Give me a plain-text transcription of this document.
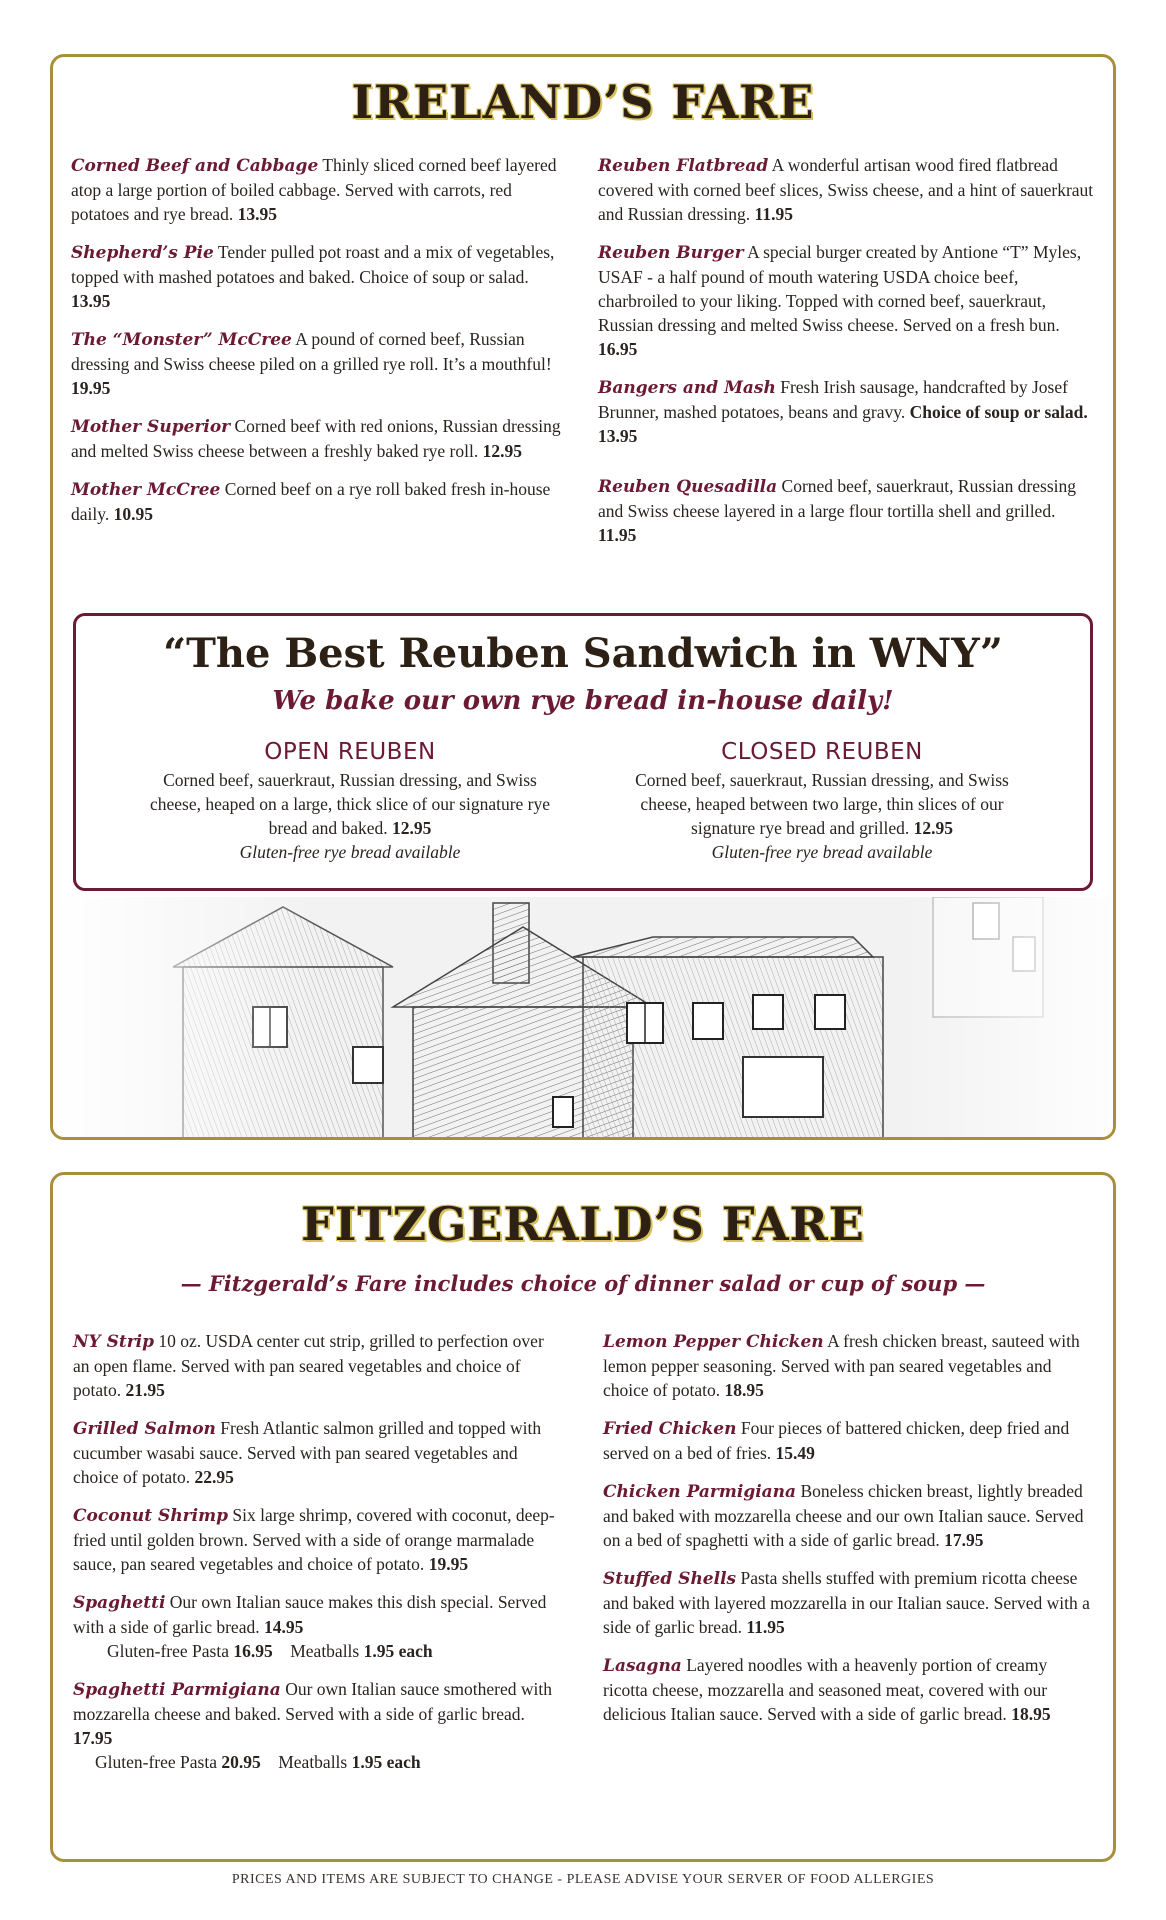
IRELAND’S FARE

Corned Beef and Cabbage Thinly sliced corned beef layered atop a large portion of boiled cabbage. Served with carrots, red potatoes and rye bread. 13.95

Shepherd’s Pie Tender pulled pot roast and a mix of vegetables, topped with mashed potatoes and baked. Choice of soup or salad. 13.95

The “Monster” McCree A pound of corned beef, Russian dressing and Swiss cheese piled on a grilled rye roll. It’s a mouthful! 19.95

Mother Superior Corned beef with red onions, Russian dressing and melted Swiss cheese between a freshly baked rye roll. 12.95

Mother McCree Corned beef on a rye roll baked fresh in-house daily. 10.95

Reuben Flatbread A wonderful artisan wood fired flatbread covered with corned beef slices, Swiss cheese, and a hint of sauerkraut and Russian dressing. 11.95

Reuben Burger A special burger created by Antione “T” Myles, USAF - a half pound of mouth watering USDA choice beef, charbroiled to your liking. Topped with corned beef, sauerkraut, Russian dressing and melted Swiss cheese. Served on a fresh bun. 16.95

Bangers and Mash Fresh Irish sausage, handcrafted by Josef Brunner, mashed potatoes, beans and gravy. Choice of soup or salad. 13.95

Reuben Quesadilla Corned beef, sauerkraut, Russian dressing and Swiss cheese layered in a large flour tortilla shell and grilled. 11.95

“The Best Reuben Sandwich in WNY”

We bake our own rye bread in-house daily!

OPEN REUBEN
Corned beef, sauerkraut, Russian dressing, and Swiss cheese, heaped on a large, thick slice of our signature rye bread and baked. 12.95
Gluten-free rye bread available
CLOSED REUBEN
Corned beef, sauerkraut, Russian dressing, and Swiss cheese, heaped between two large, thin slices of our signature rye bread and grilled. 12.95
Gluten-free rye bread available
FITZGERALD’S FARE

— Fitzgerald’s Fare includes choice of dinner salad or cup of soup —

NY Strip 10 oz. USDA center cut strip, grilled to perfection over an open flame. Served with pan seared vegetables and choice of potato. 21.95

Grilled Salmon Fresh Atlantic salmon grilled and topped with cucumber wasabi sauce. Served with pan seared vegetables and choice of potato. 22.95

Coconut Shrimp Six large shrimp, covered with coconut, deep-fried until golden brown. Served with a side of orange marmalade sauce, pan seared vegetables and choice of potato. 19.95

Spaghetti Our own Italian sauce makes this dish special. Served with a side of garlic bread. 14.95
Gluten-free Pasta 16.95 Meatballs 1.95 each

Spaghetti Parmigiana Our own Italian sauce smothered with mozzarella cheese and baked. Served with a side of garlic bread. 17.95
Gluten-free Pasta 20.95 Meatballs 1.95 each

Lemon Pepper Chicken A fresh chicken breast, sauteed with lemon pepper seasoning. Served with pan seared vegetables and choice of potato. 18.95

Fried Chicken Four pieces of battered chicken, deep fried and served on a bed of fries. 15.49

Chicken Parmigiana Boneless chicken breast, lightly breaded and baked with mozzarella cheese and our own Italian sauce. Served on a bed of spaghetti with a side of garlic bread. 17.95

Stuffed Shells Pasta shells stuffed with premium ricotta cheese and baked with layered mozzarella in our Italian sauce. Served with a side of garlic bread. 11.95

Lasagna Layered noodles with a heavenly portion of creamy ricotta cheese, mozzarella and seasoned meat, covered with our delicious Italian sauce. Served with a side of garlic bread. 18.95

PRICES AND ITEMS ARE SUBJECT TO CHANGE - PLEASE ADVISE YOUR SERVER OF FOOD ALLERGIES
